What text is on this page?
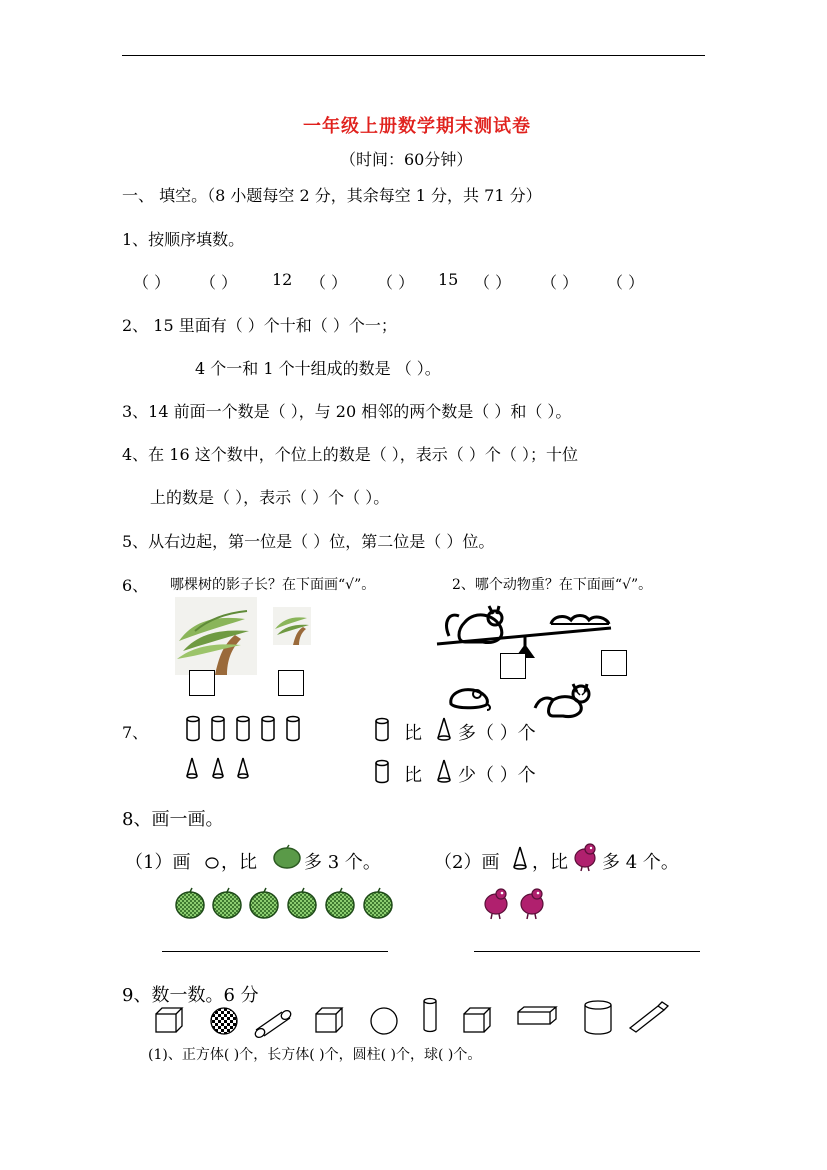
一年级上册数学期末测试卷
（时间：60分钟）
一、 填空。（8 小题每空 2 分，其余每空 1 分，共 71 分）
1、按顺序填数。
（ ） （ ） 12 （ ） （ ） 15 （ ） （ ） （ ）
2、 15 里面有（ ）个十和（ ）个一；
4 个一和 1 个十组成的数是 （ ）。
3、14 前面一个数是（ ），与 20 相邻的两个数是（ ）和（ ）。
4、在 16 这个数中，个位上的数是（ ），表示（ ）个（ ）；十位
上的数是（ ），表示（ ）个（ ）。
5、从右边起，第一位是（ ）位，第二位是（ ）位。
6、 哪棵树的影子长？在下面画“√”。	2、哪个动物重？在下面画“√”。
7、	比 多（ ）个
比 少（ ）个
8、画一画。
（1）画 ，比	多 3 个。	（2）画 ，比 多 4 个。
9、数一数。6 分
(1)、正方体( )个，长方体( )个，圆柱( )个，球( )个。
